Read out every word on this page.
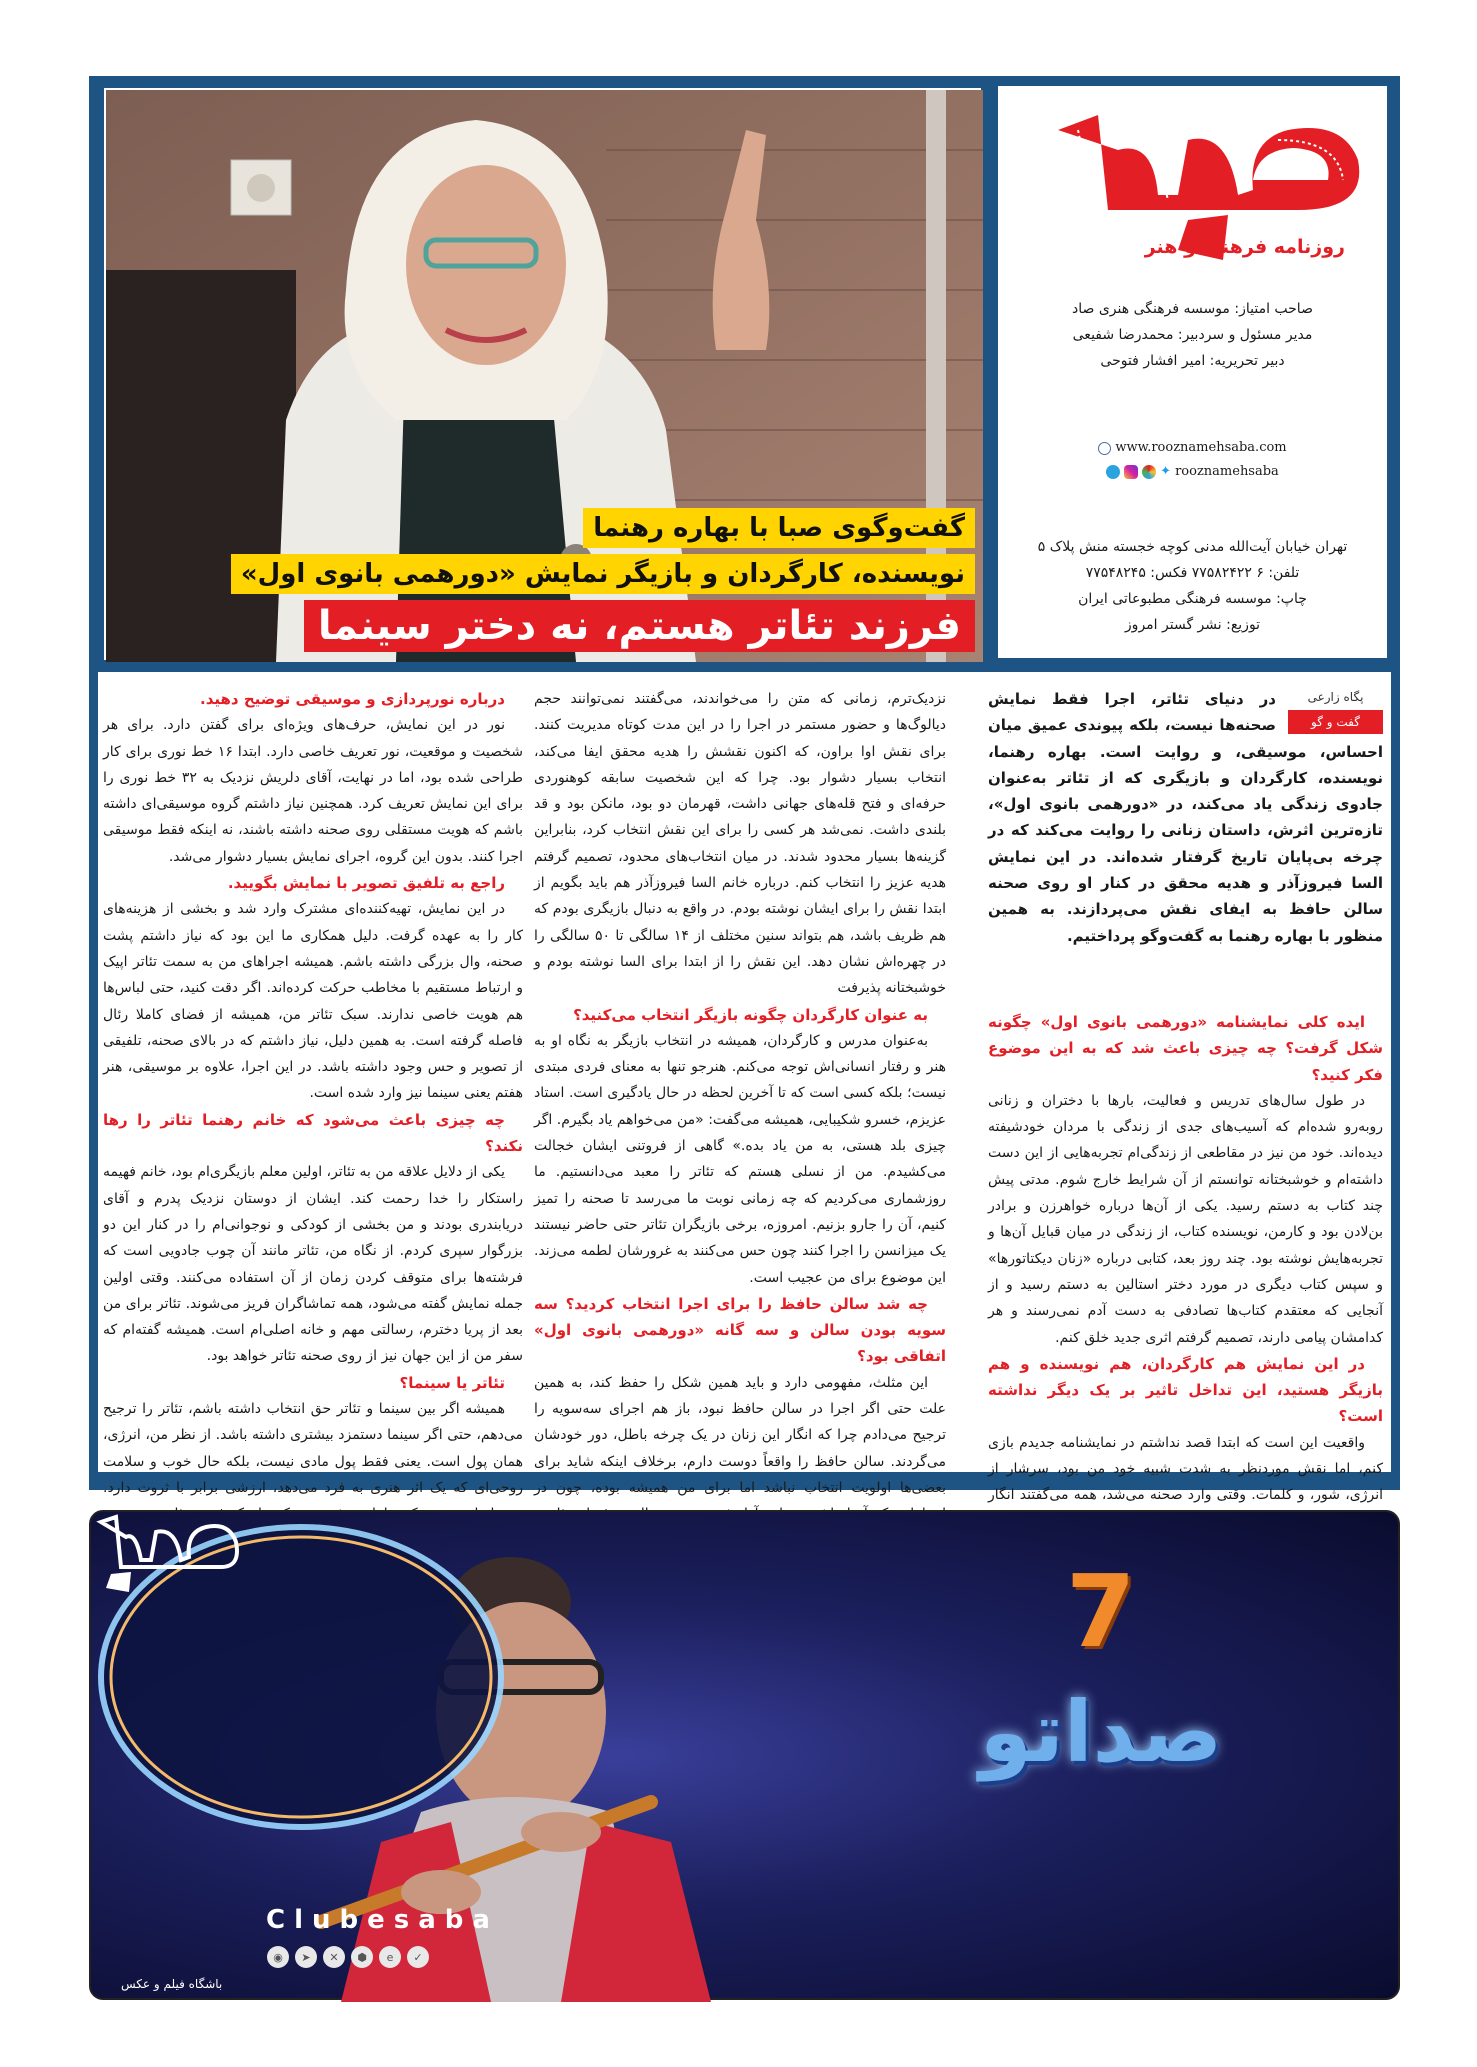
گفت‌وگوی صبا با بهاره رهنما
نویسنده، کارگردان و بازیگر نمایش «دورهمی بانوی اول»
فرزند تئاتر هستم، نه دختر سینما
روزنامه فرهنگ و هنر
صاحب امتیاز: موسسه فرهنگی هنری صاد
مدیر مسئول و سردبیر: محمدرضا شفیعی
دبیر تحریریه: امیر افشار فتوحی
www.rooznamehsaba.com
✦ rooznamehsaba
تهران خیابان آیت‌الله مدنی کوچه خجسته منش پلاک ۵
تلفن: ۶ ۷۷۵۸۲۴۲۲ فکس: ۷۷۵۴۸۲۴۵
چاپ: موسسه فرهنگی مطبوعاتی ایران
توزیع: نشر گستر امروز
پگاه زارعی
گفت و گو

در دنیای تئاتر، اجرا فقط نمایش صحنه‌ها نیست، بلکه پیوندی عمیق میان احساس، موسیقی، و روایت است. بهاره رهنما، نویسنده، کارگردان و بازیگری که از تئاتر به‌عنوان جادوی زندگی یاد می‌کند، در «دورهمی بانوی اول»، تازه‌ترین اثرش، داستان زنانی را روایت می‌کند که در چرخه بی‌پایان تاریخ گرفتار شده‌اند. در این نمایش السا فیروزآذر و هدیه محقق در کنار او روی صحنه سالن حافظ به ایفای نقش می‌پردازند. به همین منظور با بهاره رهنما به گفت‌وگو پرداختیم.

ایده کلی نمایشنامه «دورهمی بانوی اول» چگونه شکل گرفت؟ چه چیزی باعث شد که به این موضوع فکر کنید؟

در طول سال‌های تدریس و فعالیت، بارها با دختران و زنانی روبه‌رو شده‌ام که آسیب‌های جدی از زندگی با مردان خودشیفته دیده‌اند. خود من نیز در مقاطعی از زندگی‌ام تجربه‌هایی از این دست داشته‌ام و خوشبختانه توانستم از آن شرایط خارج شوم. مدتی پیش چند کتاب به دستم رسید. یکی از آن‌ها درباره خواهرزن و برادر بن‌لادن بود و کارمن، نویسنده کتاب، از زندگی در میان قبایل آن‌ها و تجربه‌هایش نوشته بود. چند روز بعد، کتابی درباره «زنان دیکتاتورها» و سپس کتاب دیگری در مورد دختر استالین به دستم رسید و از آنجایی که معتقدم کتاب‌ها تصادفی به دست آدم نمی‌رسند و هر کدامشان پیامی دارند، تصمیم گرفتم اثری جدید خلق کنم.

در این نمایش هم کارگردان، هم نویسنده و هم بازیگر هستید، این تداخل تاثیر بر یک دیگر نداشته است؟

واقعیت این است که ابتدا قصد نداشتم در نمایشنامه جدیدم بازی کنم، اما نقش موردنظر به شدت شبیه خود من بود، سرشار از انرژی، شور، و کلمات. وقتی وارد صحنه می‌شد، همه می‌گفتند انگار

نزدیک‌ترم، زمانی که متن را می‌خواندند، می‌گفتند نمی‌توانند حجم دیالوگ‌ها و حضور مستمر در اجرا را در این مدت کوتاه مدیریت کنند. برای نقش اوا براون، که اکنون نقشش را هدیه محقق ایفا می‌کند، انتخاب بسیار دشوار بود. چرا که این شخصیت سابقه کوهنوردی حرفه‌ای و فتح قله‌های جهانی داشت، قهرمان دو بود، مانکن بود و قد بلندی داشت. نمی‌شد هر کسی را برای این نقش انتخاب کرد، بنابراین گزینه‌ها بسیار محدود شدند. در میان انتخاب‌های محدود، تصمیم گرفتم هدیه عزیز را انتخاب کنم. درباره خانم السا فیروزآذر هم باید بگویم از ابتدا نقش را برای ایشان نوشته بودم. در واقع به دنبال بازیگری بودم که هم ظریف باشد، هم بتواند سنین مختلف از ۱۴ سالگی تا ۵۰ سالگی را در چهره‌اش نشان دهد. این نقش را از ابتدا برای السا نوشته بودم و خوشبختانه پذیرفت

به عنوان کارگردان چگونه بازیگر انتخاب می‌کنید؟

به‌عنوان مدرس و کارگردان، همیشه در انتخاب بازیگر به نگاه او به هنر و رفتار انسانی‌اش توجه می‌کنم. هنرجو تنها به معنای فردی مبتدی نیست؛ بلکه کسی است که تا آخرین لحظه در حال یادگیری است. استاد عزیزم، خسرو شکیبایی، همیشه می‌گفت: «من می‌خواهم یاد بگیرم. اگر چیزی بلد هستی، به من یاد بده.» گاهی از فروتنی ایشان خجالت می‌کشیدم. من از نسلی هستم که تئاتر را معبد می‌دانستیم. ما روزشماری می‌کردیم که چه زمانی نوبت ما می‌رسد تا صحنه را تمیز کنیم، آن را جارو بزنیم. امروزه، برخی بازیگران تئاتر حتی حاضر نیستند یک میزانسن را اجرا کنند چون حس می‌کنند به غرورشان لطمه می‌زند. این موضوع برای من عجیب است.

چه شد سالن حافظ را برای اجرا انتخاب کردید؟ سه سویه بودن سالن و سه گانه «دورهمی بانوی اول» اتفاقی بود؟

این مثلث، مفهومی دارد و باید همین شکل را حفظ کند، به همین علت حتی اگر اجرا در سالن حافظ نبود، باز هم اجرای سه‌سویه را ترجیح می‌دادم چرا که انگار این زنان در یک چرخه باطل، دور خودشان می‌گردند. سالن حافظ را واقعاً دوست دارم، برخلاف اینکه شاید برای بعضی‌ها اولویت انتخاب نباشد اما برای من همیشه بوده، چون در

درباره نورپردازی و موسیقی توضیح دهید.

نور در این نمایش، حرف‌های ویژه‌ای برای گفتن دارد. برای هر شخصیت و موقعیت، نور تعریف خاصی دارد. ابتدا ۱۶ خط نوری برای کار طراحی شده بود، اما در نهایت، آقای دلریش نزدیک به ۳۲ خط نوری را برای این نمایش تعریف کرد. همچنین نیاز داشتم گروه موسیقی‌ای داشته باشم که هویت مستقلی روی صحنه داشته باشند، نه اینکه فقط موسیقی اجرا کنند. بدون این گروه، اجرای نمایش بسیار دشوار می‌شد.

راجع به تلفیق تصویر با نمایش بگویید.

در این نمایش، تهیه‌کننده‌ای مشترک وارد شد و بخشی از هزینه‌های کار را به عهده گرفت. دلیل همکاری ما این بود که نیاز داشتم پشت صحنه، وال بزرگی داشته باشم. همیشه اجراهای من به سمت تئاتر اپیک و ارتباط مستقیم با مخاطب حرکت کرده‌اند. اگر دقت کنید، حتی لباس‌ها هم هویت خاصی ندارند. سبک تئاتر من، همیشه از فضای کاملا رئال فاصله گرفته است. به همین دلیل، نیاز داشتم که در بالای صحنه، تلفیقی از تصویر و حس وجود داشته باشد. در این اجرا، علاوه بر موسیقی، هنر هفتم یعنی سینما نیز وارد شده است.

چه چیزی باعث می‌شود که خانم رهنما تئاتر را رها نکند؟

یکی از دلایل علاقه من به تئاتر، اولین معلم بازیگری‌ام بود، خانم فهیمه راستکار را خدا رحمت کند. ایشان از دوستان نزدیک پدرم و آقای دریابندری بودند و من بخشی از کودکی و نوجوانی‌ام را در کنار این دو بزرگوار سپری کردم. از نگاه من، تئاتر مانند آن چوب جادویی است که فرشته‌ها برای متوقف کردن زمان از آن استفاده می‌کنند. وقتی اولین جمله نمایش گفته می‌شود، همه تماشاگران فریز می‌شوند. تئاتر برای من بعد از پریا دخترم، رسالتی مهم و خانه اصلی‌ام است. همیشه گفته‌ام که سفر من از این جهان نیز از روی صحنه تئاتر خواهد بود.

تئاتر یا سینما؟

همیشه اگر بین سینما و تئاتر حق انتخاب داشته باشم، تئاتر را ترجیح می‌دهم، حتی اگر سینما دستمزد بیشتری داشته باشد. از نظر من، انرژی، همان پول است. یعنی فقط پول مادی نیست، بلکه حال خوب و سلامت روحی‌ای که یک اثر هنری به فرد می‌دهد، ارزشی برابر با ثروت دارد.

7
صداتو
Clubesaba
باشگاه فیلم و عکس
◉	➤	✕	⬢	e	✓
